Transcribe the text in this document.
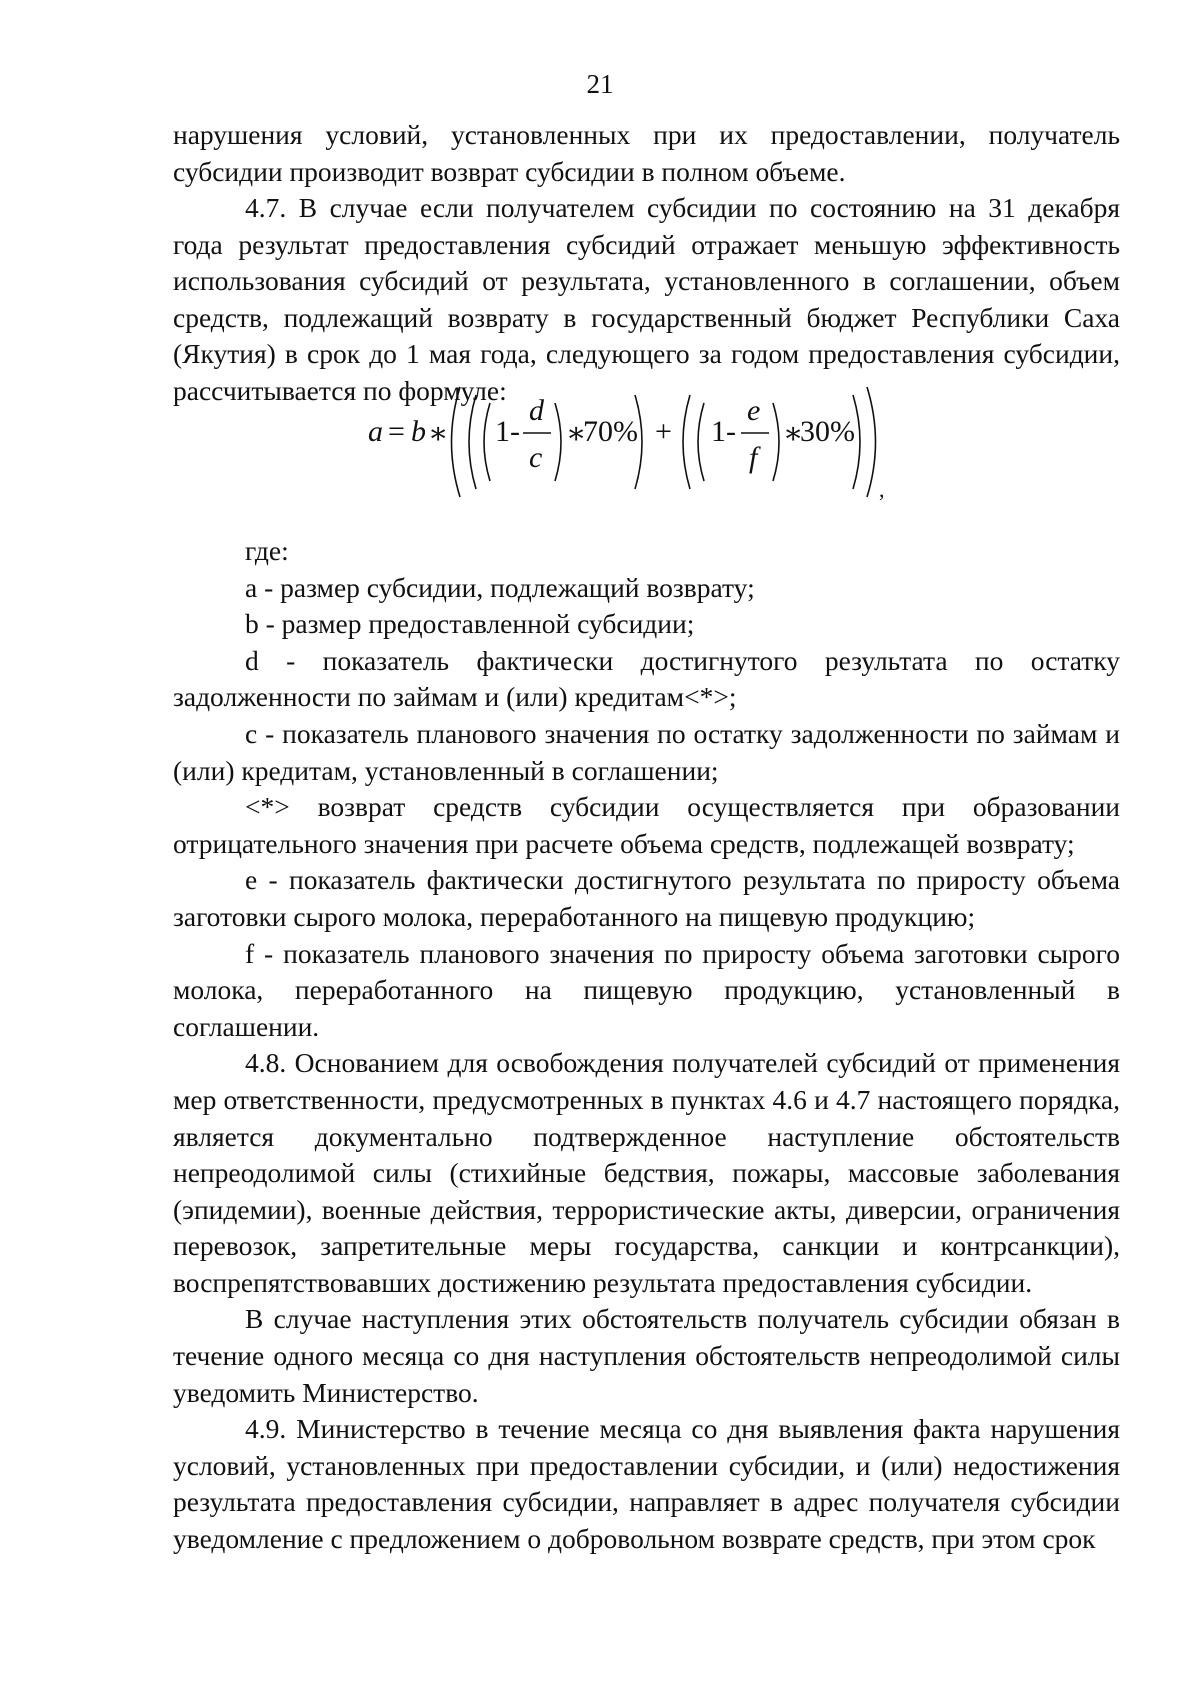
21

нарушения условий, установленных при их предоставлении, получатель субсидии производит возврат субсидии в полном объеме.

4.7. В случае если получателем субсидии по состоянию на 31 декабря года результат предоставления субсидий отражает меньшую эффективность использования субсидий от результата, установленного в соглашении, объем средств, подлежащий возврату в государственный бюджет Республики Саха (Якутия) в срок до 1 мая года, следующего за годом предоставления субсидии, рассчитывается по формуле:

a = b ∗ 1-
d
c
∗
70% + 1-
e
f
∗
30%
,

где:

а - размер субсидии, подлежащий возврату;

b - размер предоставленной субсидии;

d - показатель фактически достигнутого результата по остатку задолженности по займам и (или) кредитам<*>;

с - показатель планового значения по остатку задолженности по займам и (или) кредитам, установленный в соглашении;

<*> возврат средств субсидии осуществляется при образовании отрицательного значения при расчете объема средств, подлежащей возврату;

е - показатель фактически достигнутого результата по приросту объема заготовки сырого молока, переработанного на пищевую продукцию;

f - показатель планового значения по приросту объема заготовки сырого молока, переработанного на пищевую продукцию, установленный в соглашении.

4.8. Основанием для освобождения получателей субсидий от применения мер ответственности, предусмотренных в пунктах 4.6 и 4.7 настоящего порядка, является документально подтвержденное наступление обстоятельств непреодолимой силы (стихийные бедствия, пожары, массовые заболевания (эпидемии), военные действия, террористические акты, диверсии, ограничения перевозок, запретительные меры государства, санкции и контрсанкции), воспрепятствовавших достижению результата предоставления субсидии.

В случае наступления этих обстоятельств получатель субсидии обязан в течение одного месяца со дня наступления обстоятельств непреодолимой силы уведомить Министерство.

4.9. Министерство в течение месяца со дня выявления факта нарушения условий, установленных при предоставлении субсидии, и (или) недостижения результата предоставления субсидии, направляет в адрес получателя субсидии уведомление с предложением о добровольном возврате средств, при этом срок
